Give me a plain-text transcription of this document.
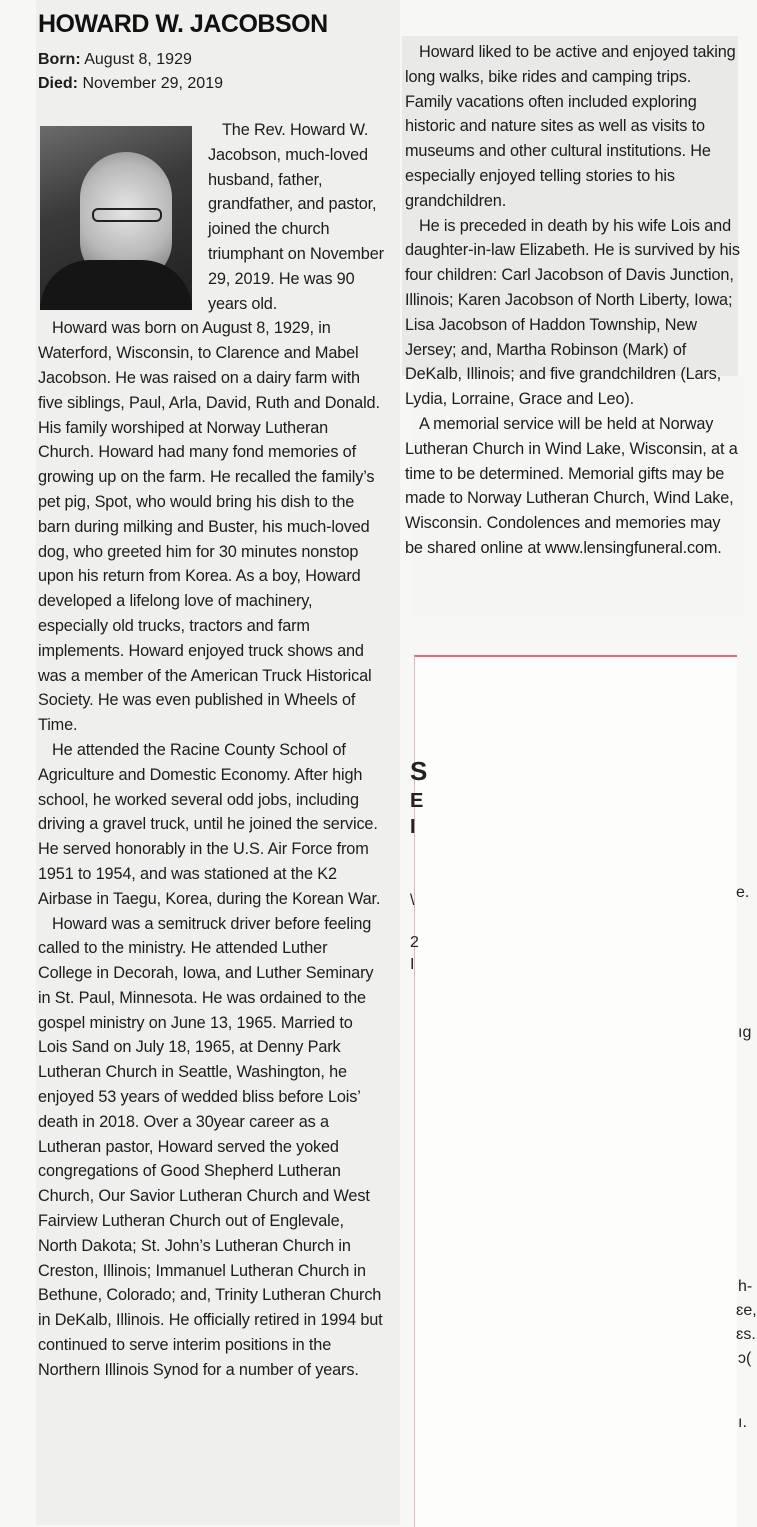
HOWARD W. JACOBSON
Born: August 8, 1929
Died: November 29, 2019

The Rev. Howard W. Jacobson, much-loved husband, father, grandfather, and pastor, joined the church triumphant on November 29, 2019. He was 90 years old.

Howard was born on August 8, 1929, in Waterford, Wisconsin, to Clarence and Mabel Jacobson. He was raised on a dairy farm with five siblings, Paul, Arla, David, Ruth and Donald. His family worshiped at Norway Lutheran Church. Howard had many fond memories of growing up on the farm. He recalled the family’s pet pig, Spot, who would bring his dish to the barn during milking and Buster, his much-loved dog, who greeted him for 30 minutes nonstop upon his return from Korea. As a boy, Howard developed a lifelong love of machinery, especially old trucks, tractors and farm implements. Howard enjoyed truck shows and was a member of the American Truck Historical Society. He was even published in Wheels of Time.

He attended the Racine County School of Agriculture and Domestic Economy. After high school, he worked several odd jobs, including driving a gravel truck, until he joined the service. He served honorably in the U.S. Air Force from 1951 to 1954, and was stationed at the K2 Airbase in Taegu, Korea, during the Korean War.

Howard was a semitruck driver before feeling called to the ministry. He attended Luther College in Decorah, Iowa, and Luther Seminary in St. Paul, Minnesota. He was ordained to the gospel ministry on June 13, 1965. Married to Lois Sand on July 18, 1965, at Denny Park Lutheran Church in Seattle, Washington, he enjoyed 53 years of wedded bliss before Lois’ death in 2018. Over a 30year career as a Lutheran pastor, Howard served the yoked congregations of Good Shepherd Lutheran Church, Our Savior Lutheran Church and West Fairview Lutheran Church out of Englevale, North Dakota; St. John’s Lutheran Church in Creston, Illinois; Immanuel Lutheran Church in Bethune, Colorado; and, Trinity Lutheran Church in DeKalb, Illinois. He officially retired in 1994 but continued to serve interim positions in the Northern Illinois Synod for a number of years.

Howard liked to be active and enjoyed taking long walks, bike rides and camping trips. Family vacations often included exploring historic and nature sites as well as visits to museums and other cultural institutions. He especially enjoyed telling stories to his grandchildren.

He is preceded in death by his wife Lois and daughter-in-law Elizabeth. He is survived by his four children: Carl Jacobson of Davis Junction, Illinois; Karen Jacobson of North Liberty, Iowa; Lisa Jacobson of Haddon Township, New Jersey; and, Martha Robinson (Mark) of DeKalb, Illinois; and five grandchildren (Lars, Lydia, Lorraine, Grace and Leo).

A memorial service will be held at Norway Lutheran Church in Wind Lake, Wisconsin, at a time to be determined. Memorial gifts may be made to Norway Lutheran Church, Wind Lake, Wisconsin. Condolences and memories may be shared online at www.lensingfuneral.com.

S
E
I
e.
\
2
I
ıg
h-
ɛe,
ɛs.
ɔ(
ı.
